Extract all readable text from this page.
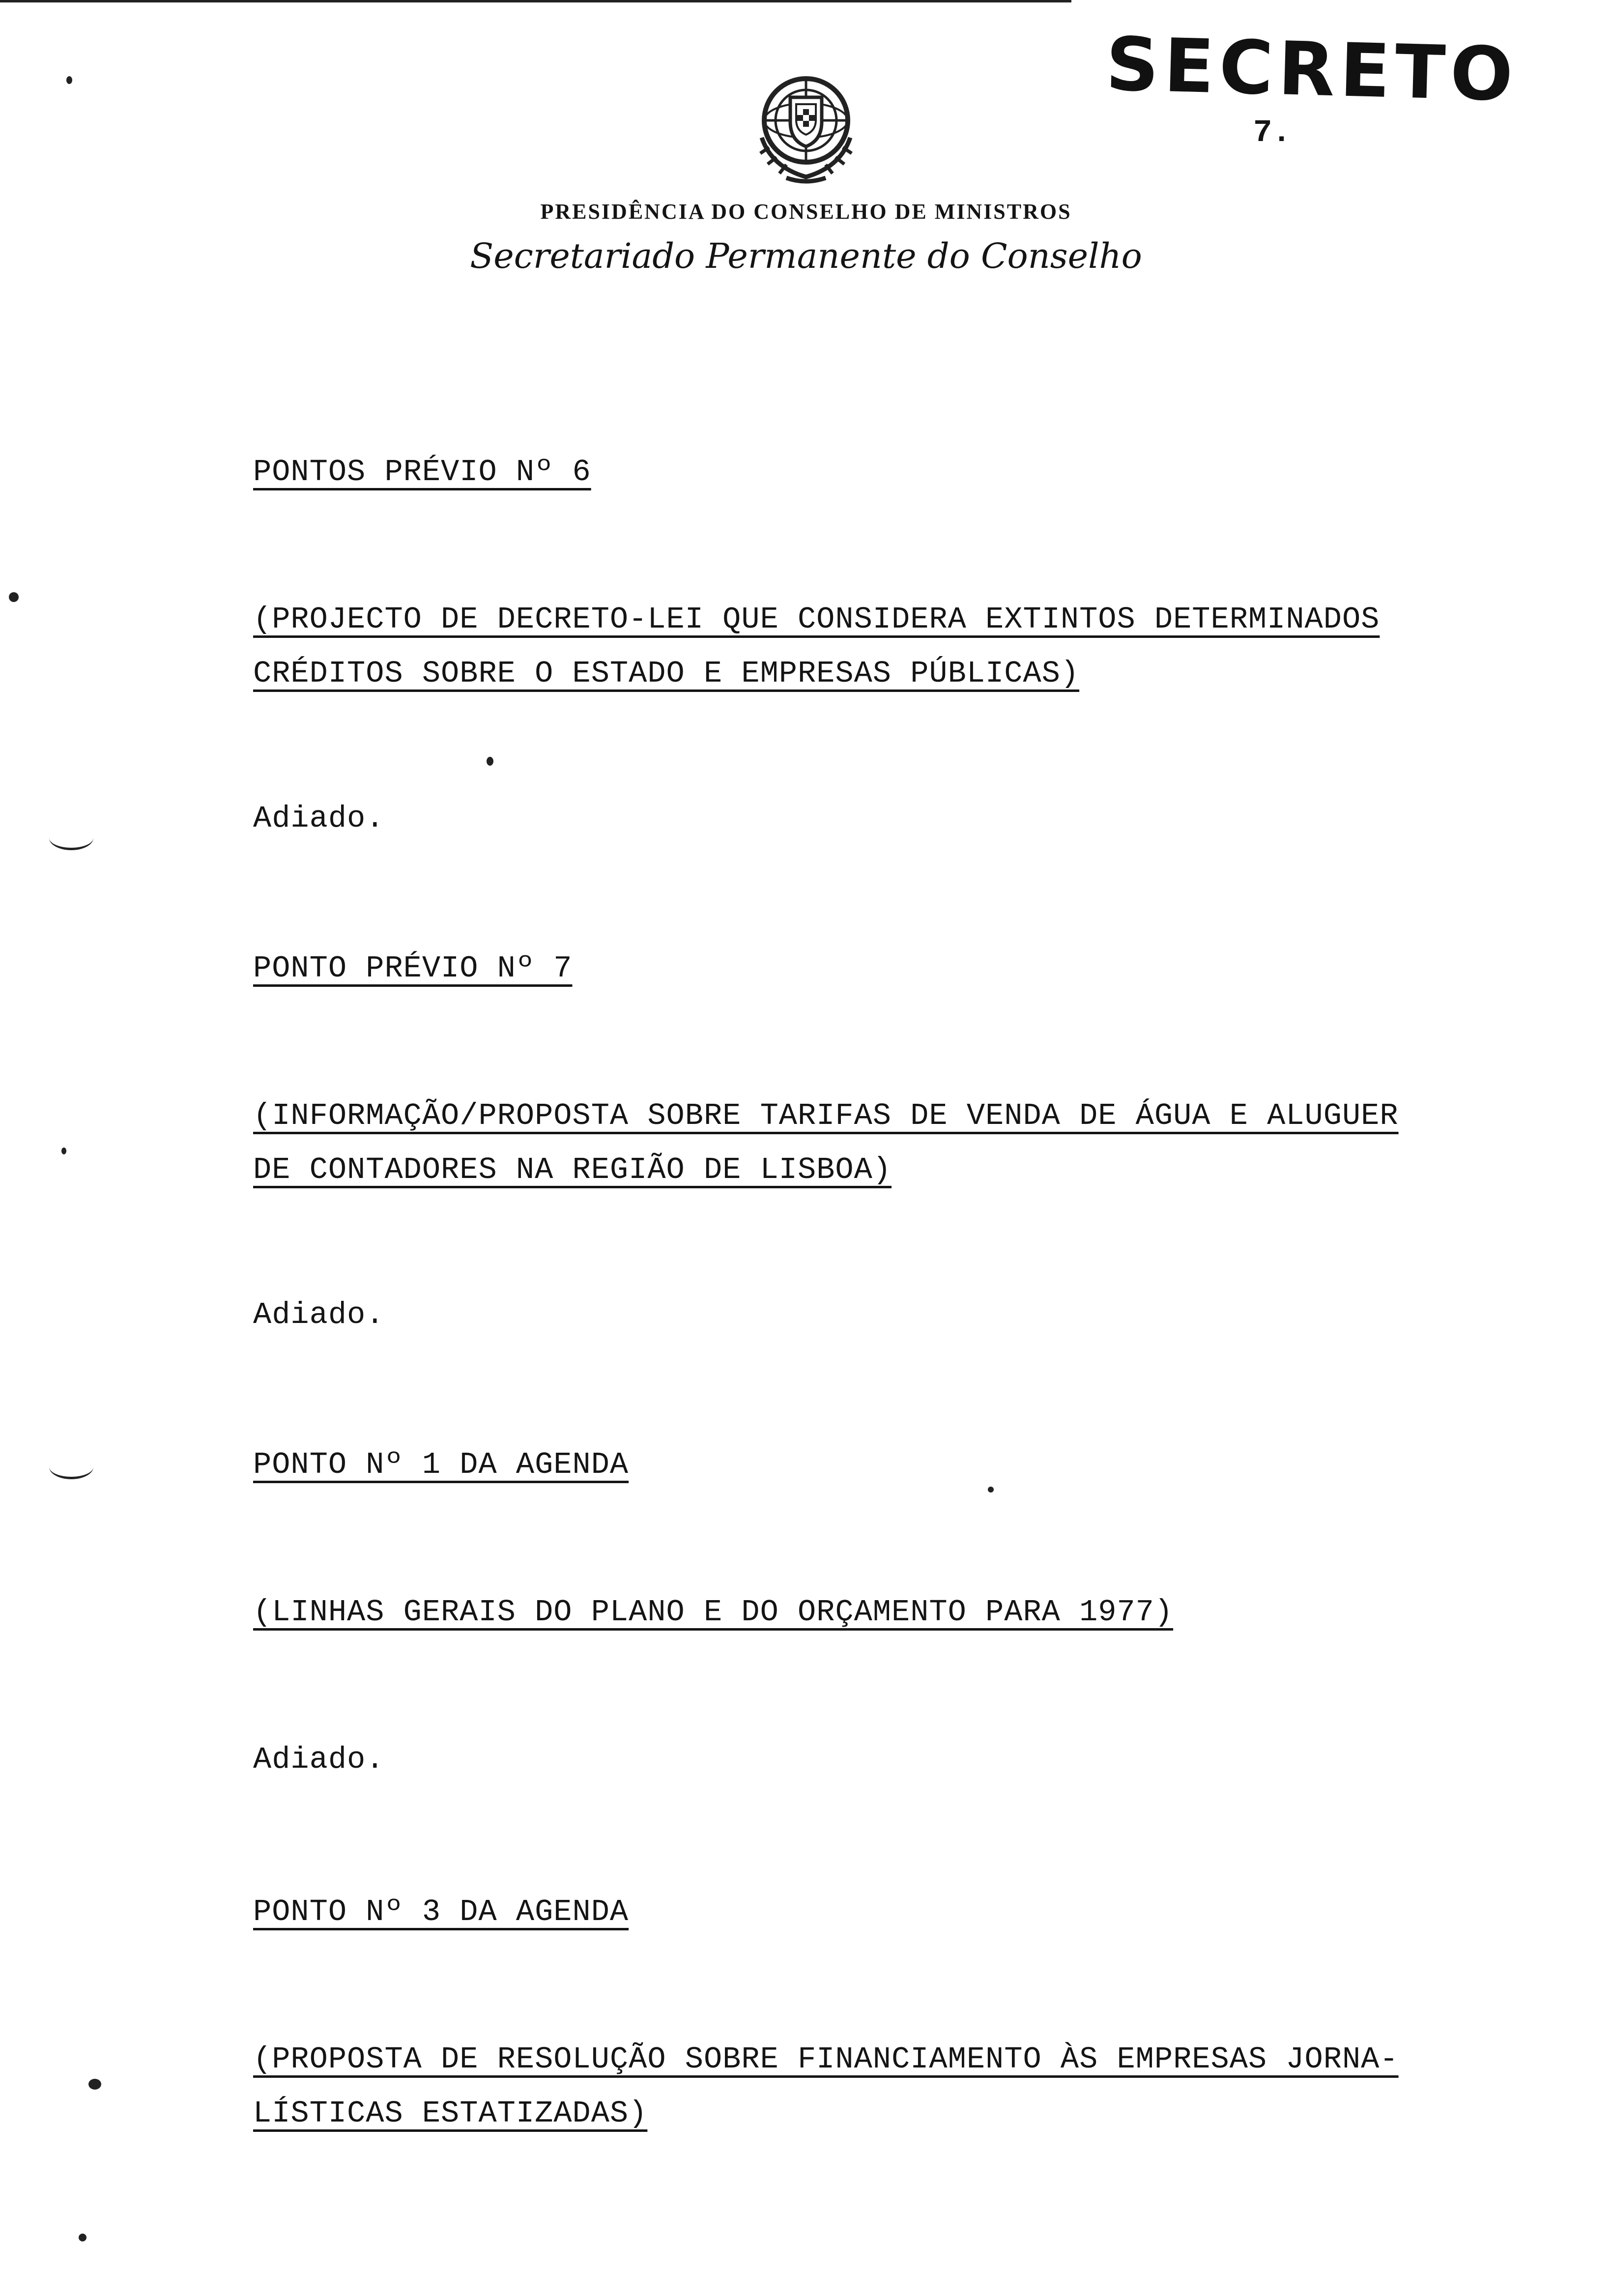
SECRETO
7.
PRESIDÊNCIA DO CONSELHO DE MINISTROS
Secretariado Permanente do Conselho
PONTOS PRÉVIO Nº 6
(PROJECTO DE DECRETO-LEI QUE CONSIDERA EXTINTOS DETERMINADOS
CRÉDITOS SOBRE O ESTADO E EMPRESAS PÚBLICAS)
Adiado.
PONTO PRÉVIO Nº 7
(INFORMAÇÃO/PROPOSTA SOBRE TARIFAS DE VENDA DE ÁGUA E ALUGUER
DE CONTADORES NA REGIÃO DE LISBOA)
Adiado.
PONTO Nº 1 DA AGENDA
(LINHAS GERAIS DO PLANO E DO ORÇAMENTO PARA 1977)
Adiado.
PONTO Nº 3 DA AGENDA
(PROPOSTA DE RESOLUÇÃO SOBRE FINANCIAMENTO ÀS EMPRESAS JORNA-
LÍSTICAS ESTATIZADAS)
